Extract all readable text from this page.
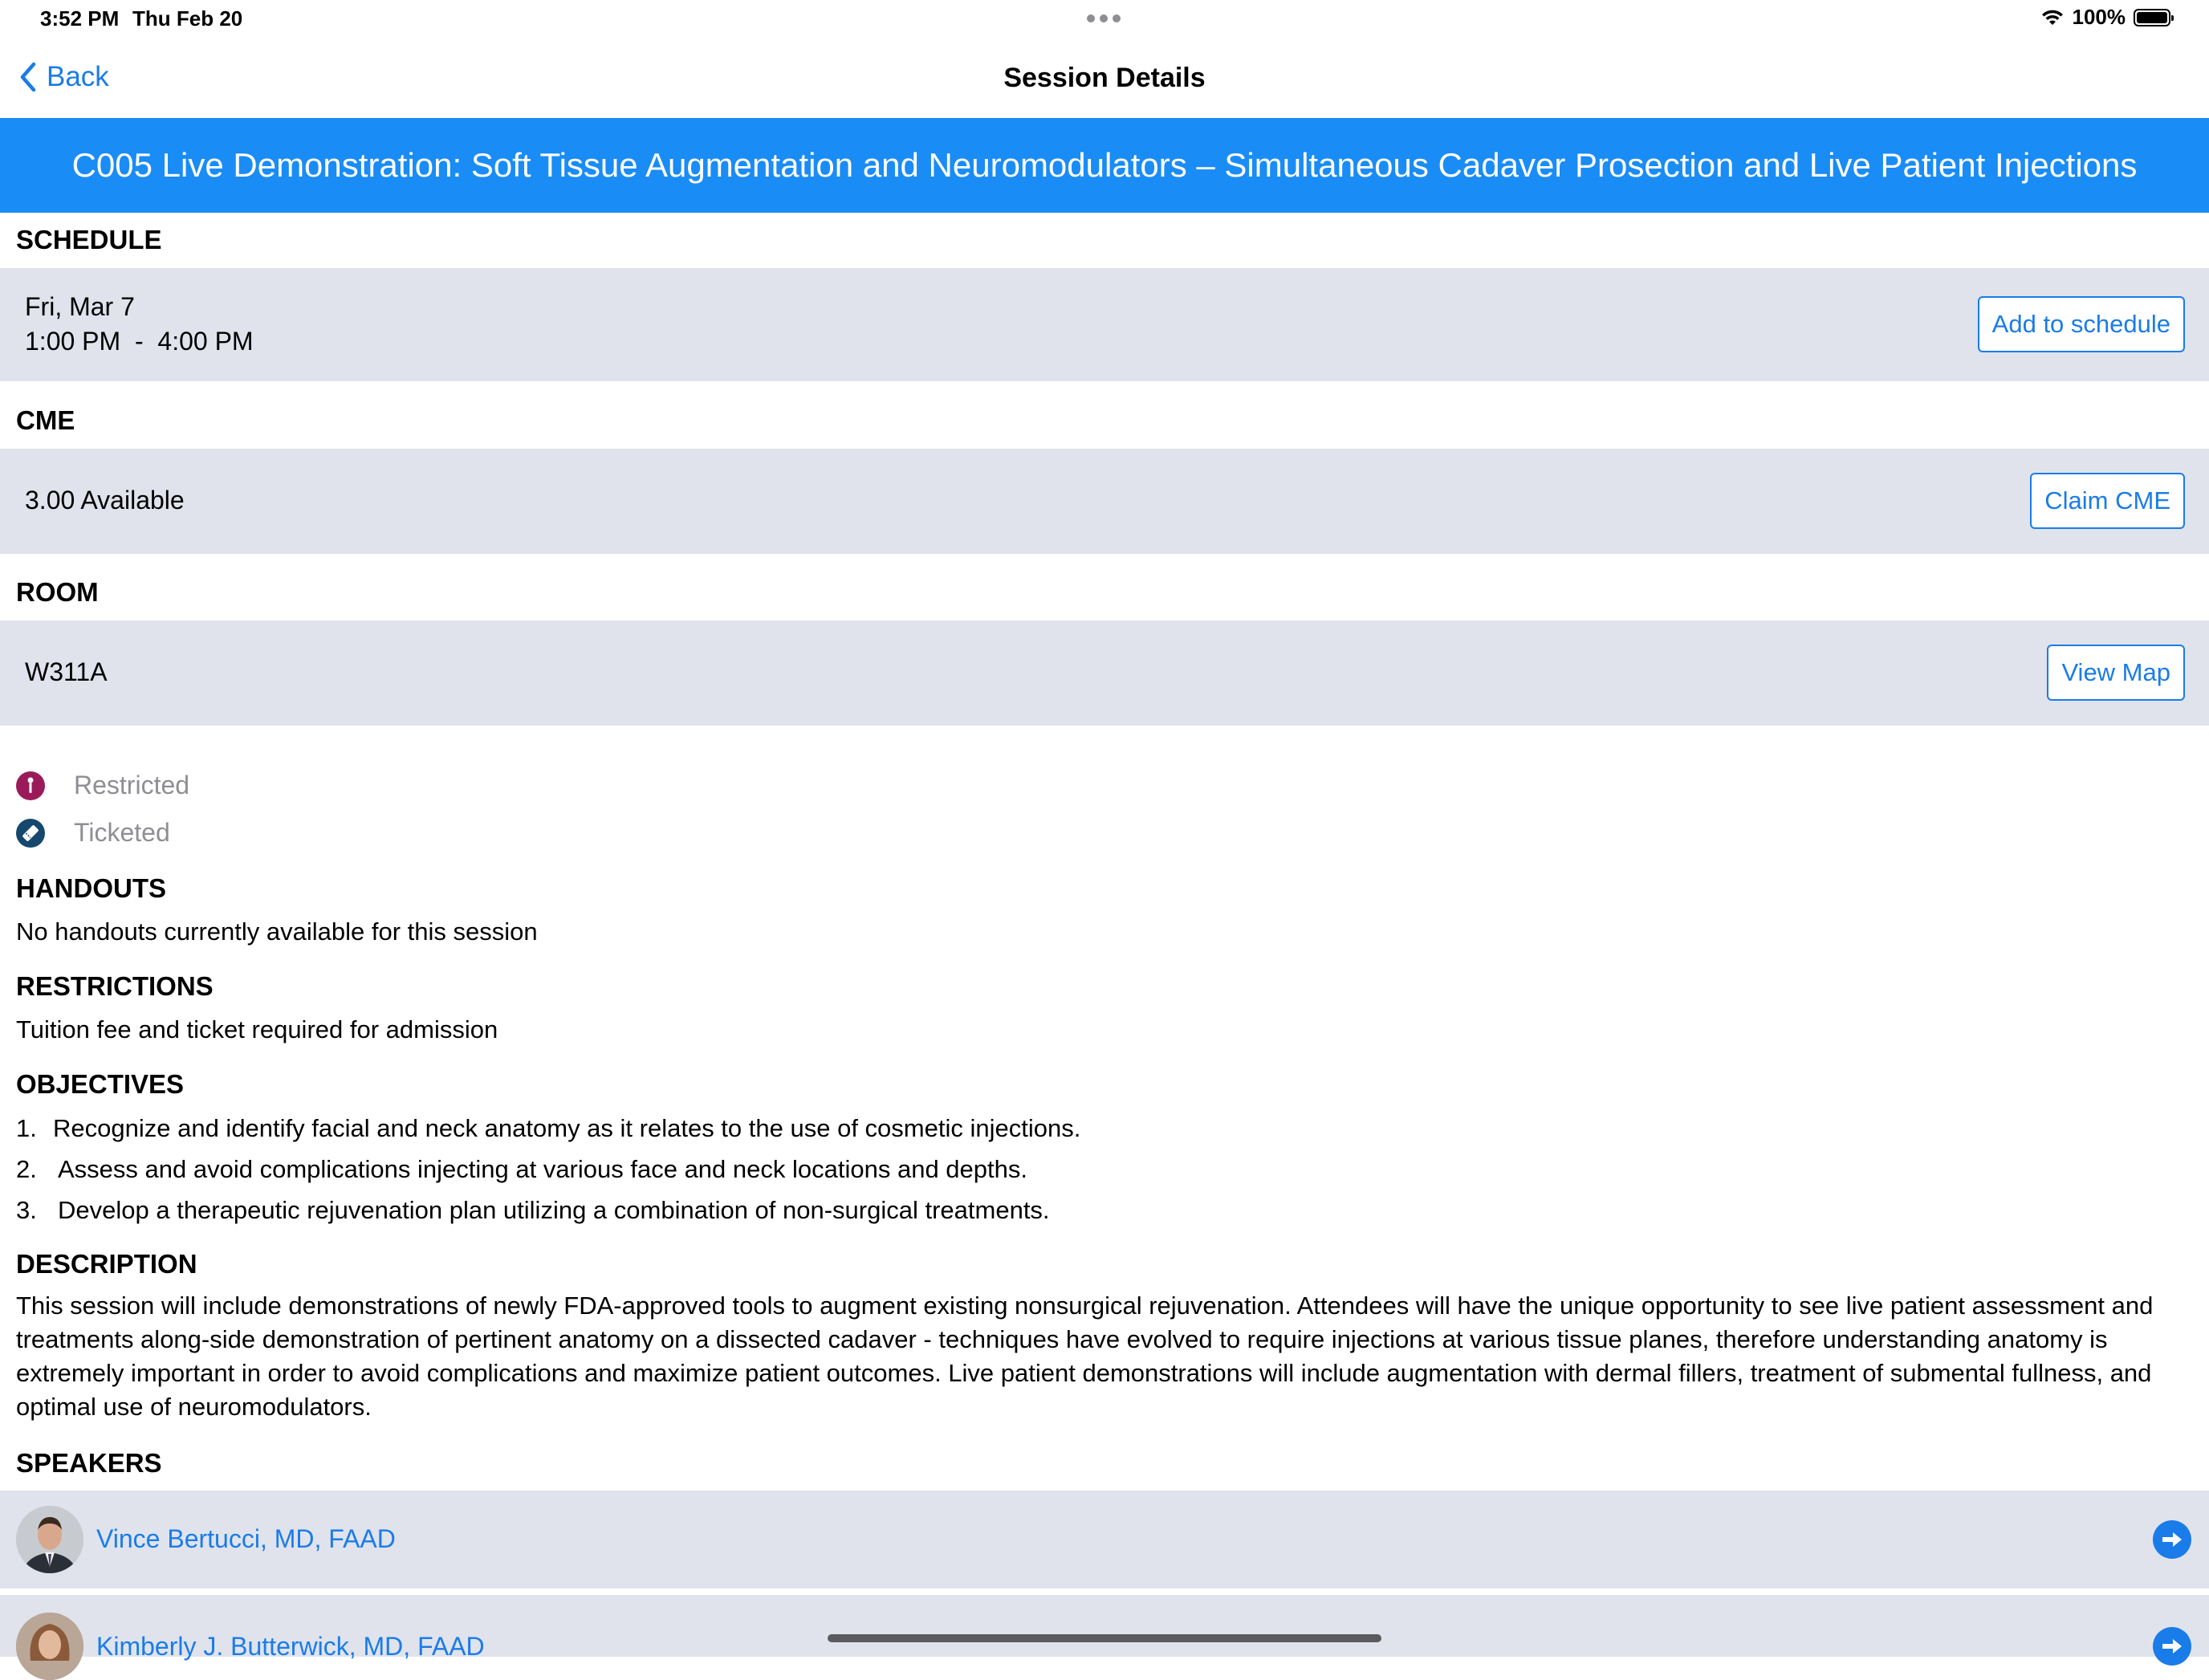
3:52 PM Thu Feb 20	100%
Back	Session Details
C005 Live Demonstration: Soft Tissue Augmentation and Neuromodulators – Simultaneous Cadaver Prosection and Live Patient Injections
SCHEDULE
Fri, Mar 7
1:00 PM  -  4:00 PM
Add to schedule
CME
3.00 Available	Claim CME
ROOM
W311A	View Map
Restricted
Ticketed
HANDOUTS
No handouts currently available for this session
RESTRICTIONS
Tuition fee and ticket required for admission
OBJECTIVES
1. Recognize and identify facial and neck anatomy as it relates to the use of cosmetic injections.
2. Assess and avoid complications injecting at various face and neck locations and depths.
3. Develop a therapeutic rejuvenation plan utilizing a combination of non-surgical treatments.
DESCRIPTION
This session will include demonstrations of newly FDA-approved tools to augment existing nonsurgical rejuvenation. Attendees will have the unique opportunity to see live patient assessment and treatments along-side demonstration of pertinent anatomy on a dissected cadaver - techniques have evolved to require injections at various tissue planes, therefore understanding anatomy is extremely important in order to avoid complications and maximize patient outcomes. Live patient demonstrations will include augmentation with dermal fillers, treatment of submental fullness, and optimal use of neuromodulators.
SPEAKERS
Vince Bertucci, MD, FAAD
Kimberly J. Butterwick, MD, FAAD
